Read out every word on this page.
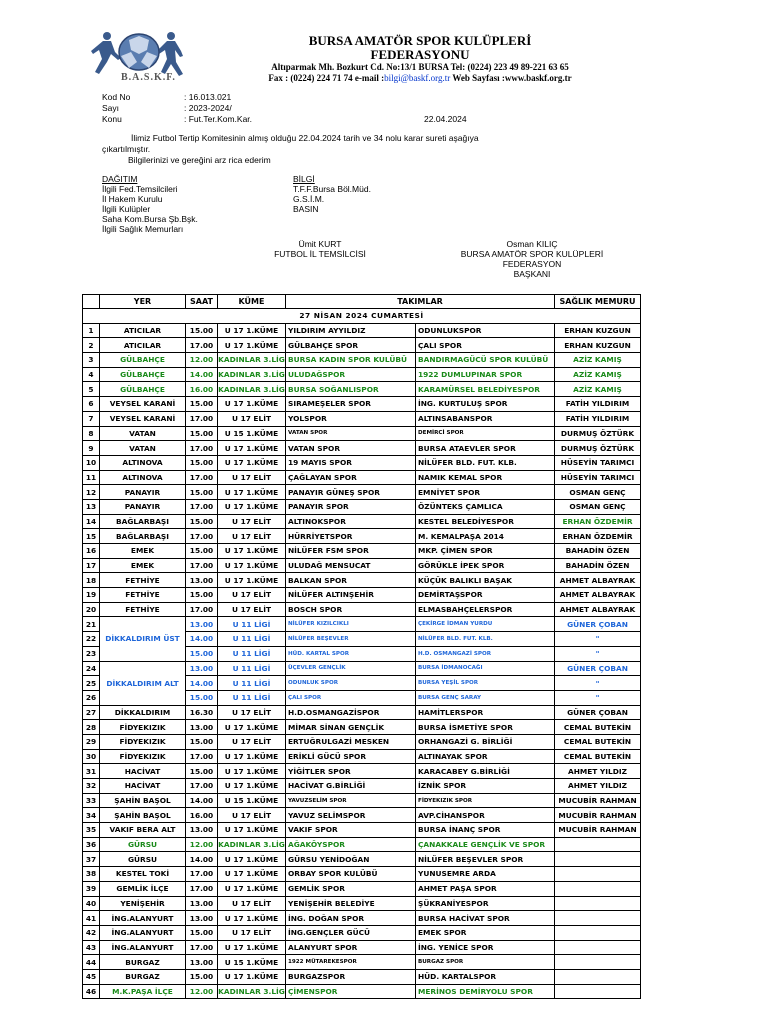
B.A.S.K.F.
BURSA AMATÖR SPOR KULÜPLERİ
FEDERASYONU
Altıparmak Mh. Bozkurt Cd. No:13/1 BURSA Tel: (0224) 223 49 89-221 63 65
Fax : (0224) 224 71 74 e-mail :bilgi@baskf.org.tr Web Sayfası :www.baskf.org.tr
Kod No	: 16.013.021
Sayı	: 2023-2024/
Konu	: Fut.Ter.Kom.Kar.	22.04.2024
İlimiz Futbol Tertip Komitesinin almış olduğu 22.04.2024 tarih ve 34 nolu karar sureti aşağıya
çıkartılmıştır.
Bilgilerinizi ve gereğini arz rica ederim
DAĞITIM
İlgili Fed.Temsilcileri
İl Hakem Kurulu
İlgili Kulüpler
Saha Kom.Bursa Şb.Bşk.
İlgili Sağlık Memurları
BİLGİ
T.F.F.Bursa Böl.Müd.
G.S.İ.M.
BASIN
Ümit KURT
FUTBOL İL TEMSİLCİSİ
Osman KILIÇ
BURSA AMATÖR SPOR KULÜPLERİ
FEDERASYON
BAŞKANI
	YER	SAAT	KÜME	TAKIMLAR		SAĞLIK MEMURU
27 NİSAN 2024 CUMARTESİ						
1	ATICILAR	15.00	U 17 1.KÜME	YILDIRIM AYYILDIZ	ODUNLUKSPOR	ERHAN KUZGUN
2	ATICILAR	17.00	U 17 1.KÜME	GÜLBAHÇE SPOR	ÇALI SPOR	ERHAN KUZGUN
3	GÜLBAHÇE	12.00	KADINLAR 3.LİG	BURSA KADIN SPOR KULÜBÜ	BANDIRMAGÜCÜ SPOR KULÜBÜ	AZİZ KAMIŞ
4	GÜLBAHÇE	14.00	KADINLAR 3.LİG	ULUDAĞSPOR	1922 DUMLUPINAR SPOR	AZİZ KAMIŞ
5	GÜLBAHÇE	16.00	KADINLAR 3.LİG	BURSA SOĞANLISPOR	KARAMÜRSEL BELEDİYESPOR	AZİZ KAMIŞ
6	VEYSEL KARANİ	15.00	U 17 1.KÜME	SIRAMEŞELER SPOR	İNG. KURTULUŞ SPOR	FATİH YILDIRIM
7	VEYSEL KARANİ	17.00	U 17 ELİT	YOLSPOR	ALTINSABANSPOR	FATİH YILDIRIM
8	VATAN	15.00	U 15 1.KÜME	VATAN SPOR	DEMİRCİ SPOR	DURMUŞ ÖZTÜRK
9	VATAN	17.00	U 17 1.KÜME	VATAN SPOR	BURSA ATAEVLER SPOR	DURMUŞ ÖZTÜRK
10	ALTINOVA	15.00	U 17 1.KÜME	19 MAYIS SPOR	NİLÜFER BLD. FUT. KLB.	HÜSEYİN TARIMCI
11	ALTINOVA	17.00	U 17 ELİT	ÇAĞLAYAN SPOR	NAMIK KEMAL SPOR	HÜSEYİN TARIMCI
12	PANAYIR	15.00	U 17 1.KÜME	PANAYIR GÜNEŞ SPOR	EMNİYET SPOR	OSMAN GENÇ
13	PANAYIR	17.00	U 17 1.KÜME	PANAYIR SPOR	ÖZÜNTEKS ÇAMLICA	OSMAN GENÇ
14	BAĞLARBAŞI	15.00	U 17 ELİT	ALTINOKSPOR	KESTEL BELEDİYESPOR	ERHAN ÖZDEMİR
15	BAĞLARBAŞI	17.00	U 17 ELİT	HÜRRİYETSPOR	M. KEMALPAŞA 2014	ERHAN ÖZDEMİR
16	EMEK	15.00	U 17 1.KÜME	NİLÜFER FSM SPOR	MKP. ÇİMEN SPOR	BAHADİN ÖZEN
17	EMEK	17.00	U 17 1.KÜME	ULUDAĞ MENSUCAT	GÖRÜKLE İPEK SPOR	BAHADİN ÖZEN
18	FETHİYE	13.00	U 17 1.KÜME	BALKAN SPOR	KÜÇÜK BALIKLI BAŞAK	AHMET ALBAYRAK
19	FETHİYE	15.00	U 17 ELİT	NİLÜFER ALTINŞEHİR	DEMİRTAŞSPOR	AHMET ALBAYRAK
20	FETHİYE	17.00	U 17 ELİT	BOSCH SPOR	ELMASBAHÇELERSPOR	AHMET ALBAYRAK
21	DİKKALDIRIM ÜST	13.00	U 11 LİGİ	NİLÜFER KIZILCIKLI	ÇEKİRGE İDMAN YURDU	GÜNER ÇOBAN
22		14.00	U 11 LİGİ	NİLÜFER BEŞEVLER	NİLÜFER BLD. FUT. KLB.	"
23		15.00	U 11 LİGİ	HÜD. KARTAL SPOR	H.D. OSMANGAZİ SPOR	"
24	DİKKALDIRIM ALT	13.00	U 11 LİGİ	ÜÇEVLER GENÇLİK	BURSA İDMANOCAĞI	GÜNER ÇOBAN
25		14.00	U 11 LİGİ	ODUNLUK SPOR	BURSA YEŞİL SPOR	"
26		15.00	U 11 LİGİ	ÇALI SPOR	BURSA GENÇ SARAY	"
27	DİKKALDIRIM	16.30	U 17 ELİT	H.D.OSMANGAZİSPOR	HAMİTLERSPOR	GÜNER ÇOBAN
28	FİDYEKIZIK	13.00	U 17 1.KÜME	MİMAR SİNAN GENÇLİK	BURSA İSMETİYE SPOR	CEMAL BUTEKİN
29	FİDYEKIZIK	15.00	U 17 ELİT	ERTUĞRULGAZİ MESKEN	ORHANGAZİ G. BİRLİĞİ	CEMAL BUTEKİN
30	FİDYEKIZIK	17.00	U 17 1.KÜME	ERİKLİ GÜCÜ SPOR	ALTINAYAK SPOR	CEMAL BUTEKİN
31	HACİVAT	15.00	U 17 1.KÜME	YİĞİTLER SPOR	KARACABEY G.BİRLİĞİ	AHMET YILDIZ
32	HACİVAT	17.00	U 17 1.KÜME	HACİVAT G.BİRLİĞİ	İZNİK SPOR	AHMET YILDIZ
33	ŞAHİN BAŞOL	14.00	U 15 1.KÜME	YAVUZSELİM SPOR	FİDYEKIZIK SPOR	MUCUBİR RAHMAN
34	ŞAHİN BAŞOL	16.00	U 17 ELİT	YAVUZ SELİMSPOR	AVP.CİHANSPOR	MUCUBİR RAHMAN
35	VAKIF BERA ALT	13.00	U 17 1.KÜME	VAKIF SPOR	BURSA İNANÇ SPOR	MUCUBİR RAHMAN
36	GÜRSU	12.00	KADINLAR 3.LİG	AĞAKÖYSPOR	ÇANAKKALE GENÇLİK VE SPOR	
37	GÜRSU	14.00	U 17 1.KÜME	GÜRSU YENİDOĞAN	NİLÜFER BEŞEVLER SPOR	
38	KESTEL TOKİ	17.00	U 17 1.KÜME	ORBAY SPOR KULÜBÜ	YUNUSEMRE ARDA	
39	GEMLİK İLÇE	17.00	U 17 1.KÜME	GEMLİK SPOR	AHMET PAŞA SPOR	
40	YENİŞEHİR	13.00	U 17 ELİT	YENİŞEHİR BELEDİYE	ŞÜKRANİYESPOR	
41	İNG.ALANYURT	13.00	U 17 1.KÜME	İNG. DOĞAN SPOR	BURSA HACİVAT SPOR	
42	İNG.ALANYURT	15.00	U 17 ELİT	İNG.GENÇLER GÜCÜ	EMEK SPOR	
43	İNG.ALANYURT	17.00	U 17 1.KÜME	ALANYURT SPOR	İNG. YENİCE SPOR	
44	BURGAZ	13.00	U 15 1.KÜME	1922 MÜTAREKESPOR	BURGAZ SPOR	
45	BURGAZ	15.00	U 17 1.KÜME	BURGAZSPOR	HÜD. KARTALSPOR	
46	M.K.PAŞA İLÇE	12.00	KADINLAR 3.LİG	ÇİMENSPOR	MERİNOS DEMİRYOLU SPOR	
